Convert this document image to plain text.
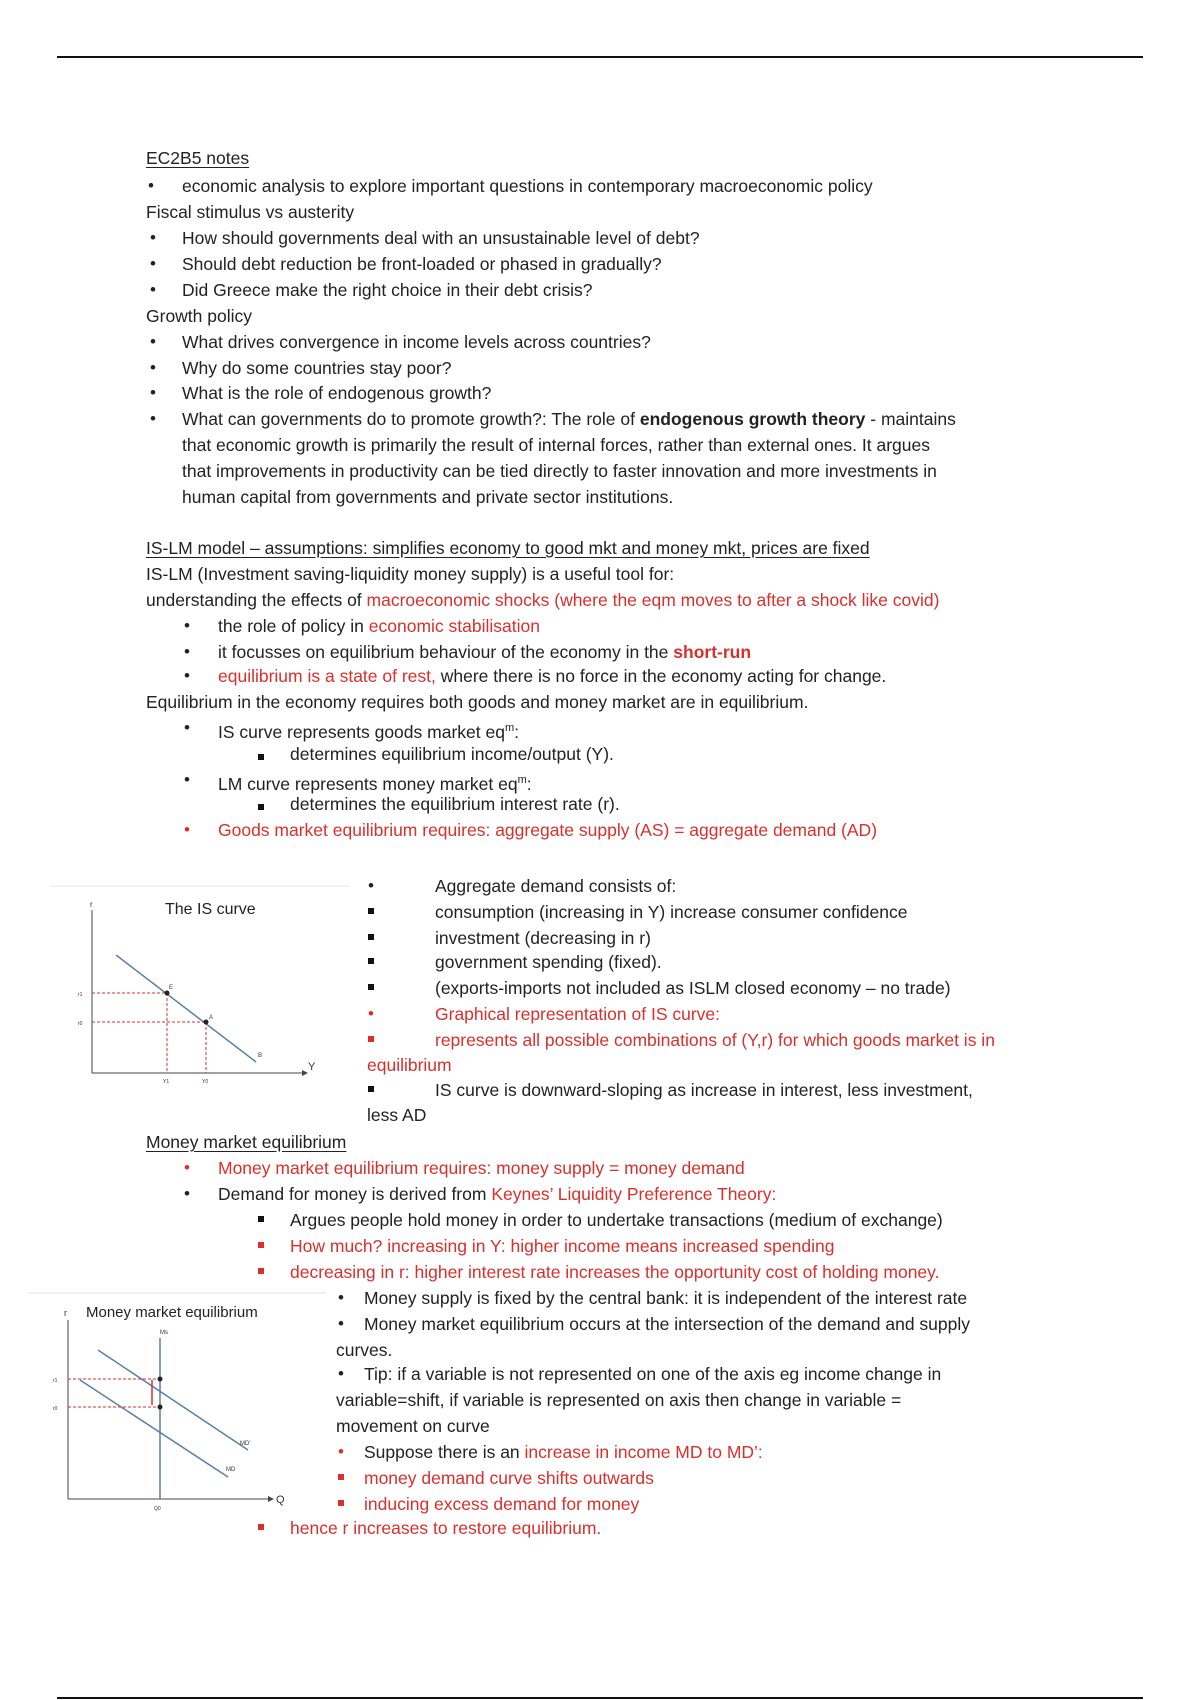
EC2B5 notes
• economic analysis to explore important questions in contemporary macroeconomic policy
Fiscal stimulus vs austerity
• How should governments deal with an unsustainable level of debt?
• Should debt reduction be front-loaded or phased in gradually?
• Did Greece make the right choice in their debt crisis?
Growth policy
• What drives convergence in income levels across countries?
• Why do some countries stay poor?
• What is the role of endogenous growth?
• What can governments do to promote growth?: The role of endogenous growth theory - maintains
that economic growth is primarily the result of internal forces, rather than external ones. It argues
that improvements in productivity can be tied directly to faster innovation and more investments in
human capital from governments and private sector institutions.
IS-LM model – assumptions: simplifies economy to good mkt and money mkt, prices are fixed
IS-LM (Investment saving-liquidity money supply) is a useful tool for:
understanding the effects of macroeconomic shocks (where the eqm moves to after a shock like covid)
• the role of policy in economic stabilisation
• it focusses on equilibrium behaviour of the economy in the short-run
• equilibrium is a state of rest, where there is no force in the economy acting for change.
Equilibrium in the economy requires both goods and money market are in equilibrium.
• IS curve represents goods market $eq^m$:
determines equilibrium income/output (Y).
• LM curve represents money market $eq^m$:
determines the equilibrium interest rate (r).
• Goods market equilibrium requires: aggregate supply (AS) = aggregate demand (AD)
The IS curve
r
Y
E
A
B
r1
r0
Y1	Y0
•	Aggregate demand consists of:
consumption (increasing in Y) increase consumer confidence
investment (decreasing in r)
government spending (fixed).
(exports-imports not included as ISLM closed economy – no trade)
•	Graphical representation of IS curve:
represents all possible combinations of (Y,r) for which goods market is in
equilibrium
IS curve is downward-sloping as increase in interest, less investment,
less AD
Money market equilibrium
• Money market equilibrium requires: money supply = money demand
• Demand for money is derived from Keynes’ Liquidity Preference Theory:
Argues people hold money in order to undertake transactions (medium of exchange)
How much? increasing in Y: higher income means increased spending
decreasing in r: higher interest rate increases the opportunity cost of holding money.
r Money market equilibrium
Q
Ms
MD'
MD
r1
r0
Q0
• Money supply is fixed by the central bank: it is independent of the interest rate
• Money market equilibrium occurs at the intersection of the demand and supply
curves.
• Tip: if a variable is not represented on one of the axis eg income change in
variable=shift, if variable is represented on axis then change in variable =
movement on curve
• Suppose there is an increase in income MD to MD’:
money demand curve shifts outwards
inducing excess demand for money
hence r increases to restore equilibrium.
